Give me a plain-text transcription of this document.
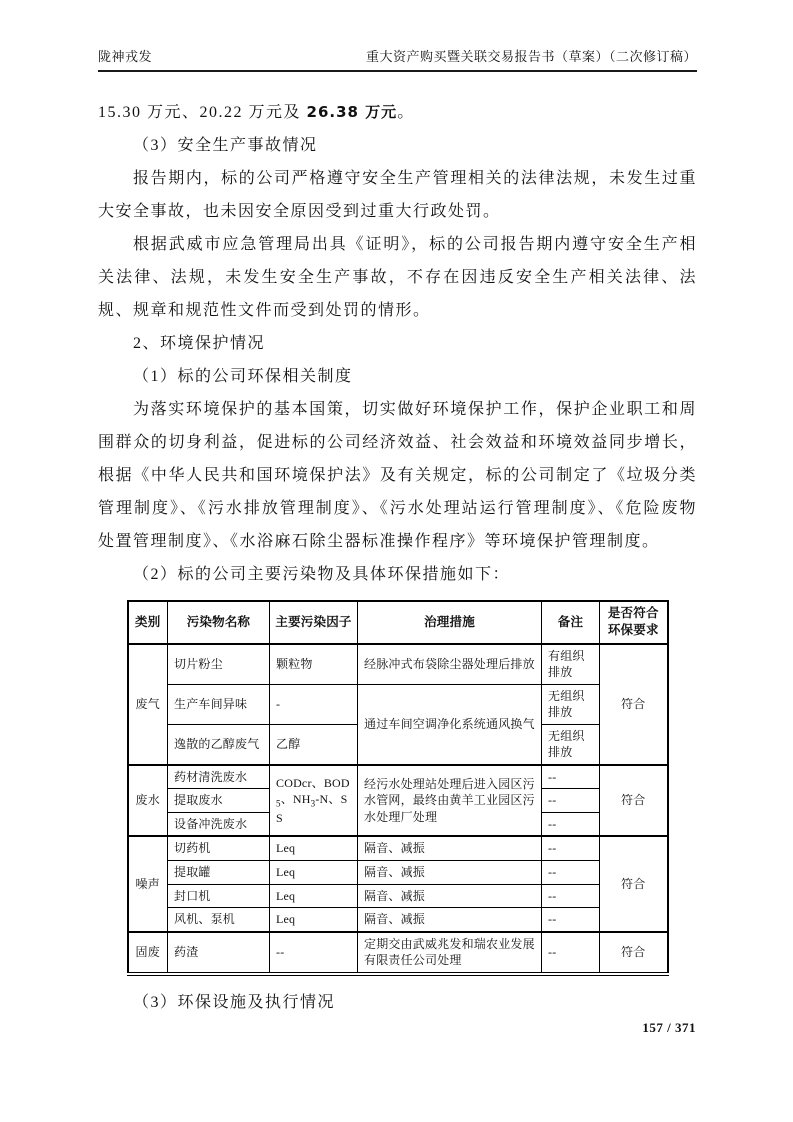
陇神戎发	重大资产购买暨关联交易报告书（草案）（二次修订稿）

15.30 万元、20.22 万元及 26.38 万元。

（3）安全生产事故情况

报告期内，标的公司严格遵守安全生产管理相关的法律法规，未发生过重大安全事故，也未因安全原因受到过重大行政处罚。

根据武威市应急管理局出具《证明》，标的公司报告期内遵守安全生产相关法律、法规，未发生安全生产事故，不存在因违反安全生产相关法律、法规、规章和规范性文件而受到处罚的情形。

2、环境保护情况

（1）标的公司环保相关制度

为落实环境保护的基本国策，切实做好环境保护工作，保护企业职工和周围群众的切身利益，促进标的公司经济效益、社会效益和环境效益同步增长，根据《中华人民共和国环境保护法》及有关规定，标的公司制定了《垃圾分类管理制度》、《污水排放管理制度》、《污水处理站运行管理制度》、《危险废物处置管理制度》、《水浴麻石除尘器标准操作程序》等环境保护管理制度。

（2）标的公司主要污染物及具体环保措施如下：

类别	污染物名称	主要污染因子	治理措施	备注	是否符合环保要求
废气	切片粉尘	颗粒物	经脉冲式布袋除尘器处理后排放	有组织排放	符合
	生产车间异味	-	通过车间空调净化系统通风换气	无组织排放	
	逸散的乙醇废气	乙醇		无组织排放	
废水	药材清洗废水	CODcr、$BOD_5$、$NH_3-N$、SS	经污水处理站处理后进入园区污水管网，最终由黄羊工业园区污水处理厂处理	--	符合
	提取废水			--	
	设备冲洗废水			--	
噪声	切药机	Leq	隔音、减振	--	符合
	提取罐	Leq	隔音、减振	--	
	封口机	Leq	隔音、减振	--	
	风机、泵机	Leq	隔音、减振	--	
固废	药渣	--	定期交由武威兆发和瑞农业发展有限责任公司处理	--	符合

（3）环保设施及执行情况

157 / 371
